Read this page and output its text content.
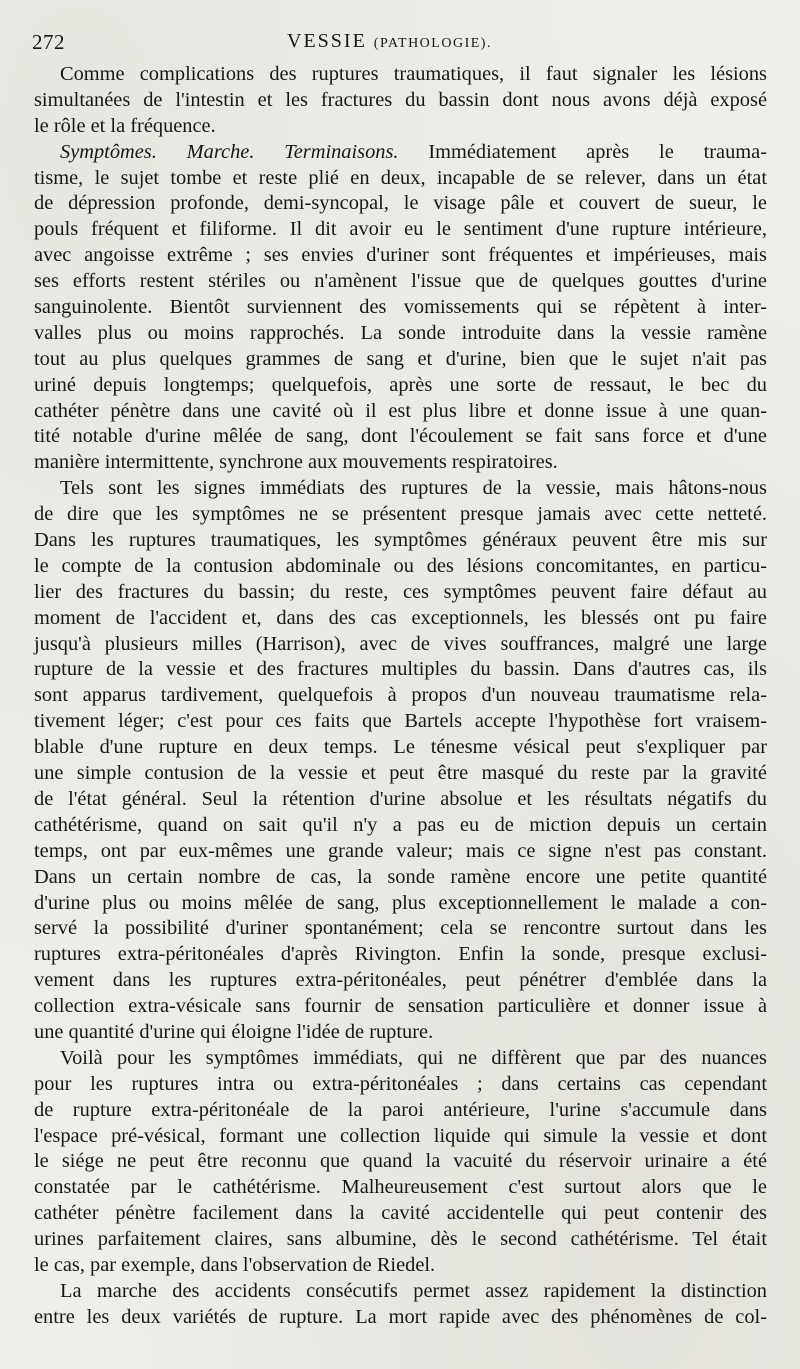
272	VESSIE (PATHOLOGIE).
Comme complications des ruptures traumatiques, il faut signaler les lésions
simultanées de l'intestin et les fractures du bassin dont nous avons déjà exposé
le rôle et la fréquence.
Symptômes. Marche. Terminaisons. Immédiatement après le trauma-
tisme, le sujet tombe et reste plié en deux, incapable de se relever, dans un état
de dépression profonde, demi-syncopal, le visage pâle et couvert de sueur, le
pouls fréquent et filiforme. Il dit avoir eu le sentiment d'une rupture intérieure,
avec angoisse extrême ; ses envies d'uriner sont fréquentes et impérieuses, mais
ses efforts restent stériles ou n'amènent l'issue que de quelques gouttes d'urine
sanguinolente. Bientôt surviennent des vomissements qui se répètent à inter-
valles plus ou moins rapprochés. La sonde introduite dans la vessie ramène
tout au plus quelques grammes de sang et d'urine, bien que le sujet n'ait pas
uriné depuis longtemps; quelquefois, après une sorte de ressaut, le bec du
cathéter pénètre dans une cavité où il est plus libre et donne issue à une quan-
tité notable d'urine mêlée de sang, dont l'écoulement se fait sans force et d'une
manière intermittente, synchrone aux mouvements respiratoires.
Tels sont les signes immédiats des ruptures de la vessie, mais hâtons-nous
de dire que les symptômes ne se présentent presque jamais avec cette netteté.
Dans les ruptures traumatiques, les symptômes généraux peuvent être mis sur
le compte de la contusion abdominale ou des lésions concomitantes, en particu-
lier des fractures du bassin; du reste, ces symptômes peuvent faire défaut au
moment de l'accident et, dans des cas exceptionnels, les blessés ont pu faire
jusqu'à plusieurs milles (Harrison), avec de vives souffrances, malgré une large
rupture de la vessie et des fractures multiples du bassin. Dans d'autres cas, ils
sont apparus tardivement, quelquefois à propos d'un nouveau traumatisme rela-
tivement léger; c'est pour ces faits que Bartels accepte l'hypothèse fort vraisem-
blable d'une rupture en deux temps. Le ténesme vésical peut s'expliquer par
une simple contusion de la vessie et peut être masqué du reste par la gravité
de l'état général. Seul la rétention d'urine absolue et les résultats négatifs du
cathétérisme, quand on sait qu'il n'y a pas eu de miction depuis un certain
temps, ont par eux-mêmes une grande valeur; mais ce signe n'est pas constant.
Dans un certain nombre de cas, la sonde ramène encore une petite quantité
d'urine plus ou moins mêlée de sang, plus exceptionnellement le malade a con-
servé la possibilité d'uriner spontanément; cela se rencontre surtout dans les
ruptures extra-péritonéales d'après Rivington. Enfin la sonde, presque exclusi-
vement dans les ruptures extra-péritonéales, peut pénétrer d'emblée dans la
collection extra-vésicale sans fournir de sensation particulière et donner issue à
une quantité d'urine qui éloigne l'idée de rupture.
Voilà pour les symptômes immédiats, qui ne diffèrent que par des nuances
pour les ruptures intra ou extra-péritonéales ; dans certains cas cependant
de rupture extra-péritonéale de la paroi antérieure, l'urine s'accumule dans
l'espace pré-vésical, formant une collection liquide qui simule la vessie et dont
le siége ne peut être reconnu que quand la vacuité du réservoir urinaire a été
constatée par le cathétérisme. Malheureusement c'est surtout alors que le
cathéter pénètre facilement dans la cavité accidentelle qui peut contenir des
urines parfaitement claires, sans albumine, dès le second cathétérisme. Tel était
le cas, par exemple, dans l'observation de Riedel.
La marche des accidents consécutifs permet assez rapidement la distinction
entre les deux variétés de rupture. La mort rapide avec des phénomènes de col-
